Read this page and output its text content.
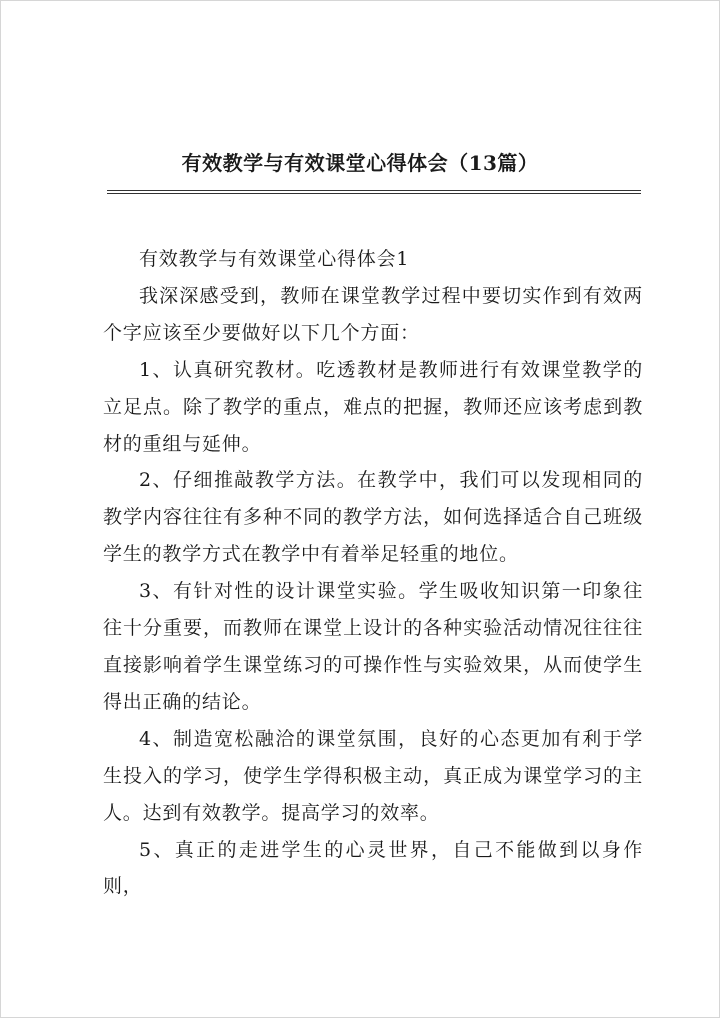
有效教学与有效课堂心得体会（13篇）

有效教学与有效课堂心得体会1

我深深感受到，教师在课堂教学过程中要切实作到有效两个字应该至少要做好以下几个方面：

1、认真研究教材。吃透教材是教师进行有效课堂教学的立足点。除了教学的重点，难点的把握，教师还应该考虑到教材的重组与延伸。

2、仔细推敲教学方法。在教学中，我们可以发现相同的教学内容往往有多种不同的教学方法，如何选择适合自己班级学生的教学方式在教学中有着举足轻重的地位。

3、有针对性的设计课堂实验。学生吸收知识第一印象往往十分重要，而教师在课堂上设计的各种实验活动情况往往往直接影响着学生课堂练习的可操作性与实验效果，从而使学生得出正确的结论。

4、制造宽松融洽的课堂氛围，良好的心态更加有利于学生投入的学习，使学生学得积极主动，真正成为课堂学习的主人。达到有效教学。提高学习的效率。

5、真正的走进学生的心灵世界，自己不能做到以身作则，
